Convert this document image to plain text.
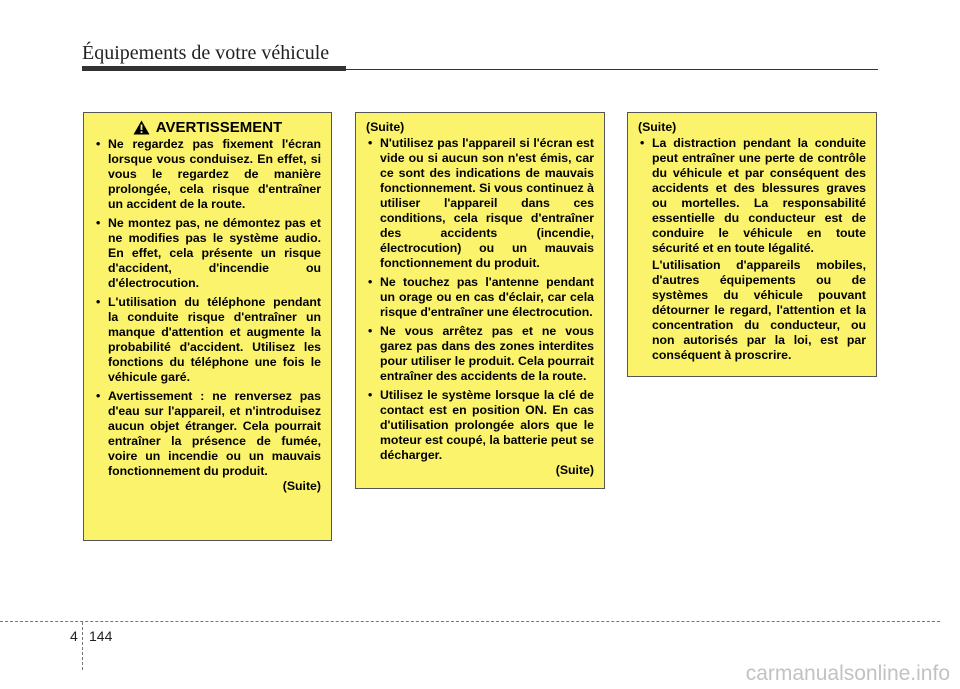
Équipements de votre véhicule
AVERTISSEMENT
• Ne regardez pas fixement l'écran lorsque vous conduisez. En effet, si vous le regardez de manière prolongée, cela risque d'entraîner un accident de la route.
• Ne montez pas, ne démontez pas et ne modifies pas le système audio. En effet, cela présente un risque d'accident, d'incendie ou d'électrocution.
• L'utilisation du téléphone pendant la conduite risque d'entraîner un manque d'attention et augmente la probabilité d'accident. Utilisez les fonctions du téléphone une fois le véhicule garé.
• Avertissement : ne renversez pas d'eau sur l'appareil, et n'introduisez aucun objet étranger. Cela pourrait entraîner la présence de fumée, voire un incendie ou un mauvais fonctionnement du produit.
(Suite)
(Suite)
• N'utilisez pas l'appareil si l'écran est vide ou si aucun son n'est émis, car ce sont des indications de mauvais fonctionnement. Si vous continuez à utiliser l'appareil dans ces conditions, cela risque d'entraîner des accidents (incendie, électrocution) ou un mauvais fonctionnement du produit.
• Ne touchez pas l'antenne pendant un orage ou en cas d'éclair, car cela risque d'entraîner une électrocution.
• Ne vous arrêtez pas et ne vous garez pas dans des zones interdites pour utiliser le produit. Cela pourrait entraîner des accidents de la route.
• Utilisez le système lorsque la clé de contact est en position ON. En cas d'utilisation prolongée alors que le moteur est coupé, la batterie peut se décharger.
(Suite)
(Suite)
• La distraction pendant la conduite peut entraîner une perte de contrôle du véhicule et par conséquent des accidents et des blessures graves ou mortelles. La responsabilité essentielle du conducteur est de conduire le véhicule en toute sécurité et en toute légalité.
L'utilisation d'appareils mobiles, d'autres équipements ou de systèmes du véhicule pouvant détourner le regard, l'attention et la concentration du conducteur, ou non autorisés par la loi, est par conséquent à proscrire.
4 144
carmanualsonline.info
